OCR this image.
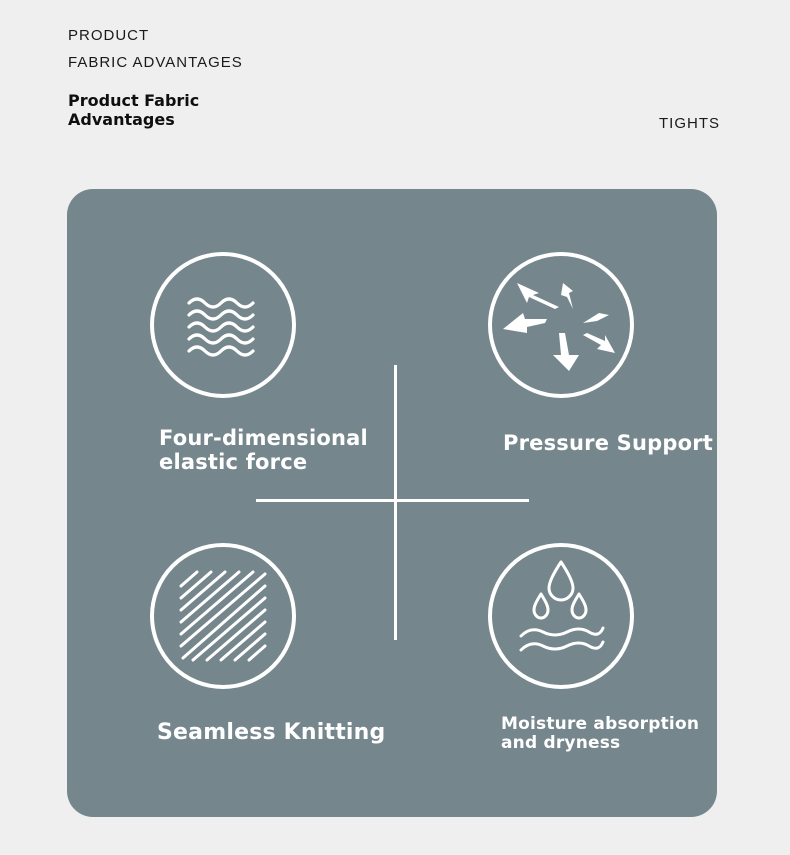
PRODUCT
FABRIC ADVANTAGES
Product Fabric
Advantages	TIGHTS
Four-dimensional
elastic force
Pressure Support
Seamless Knitting	Moisture absorption
and dryness
